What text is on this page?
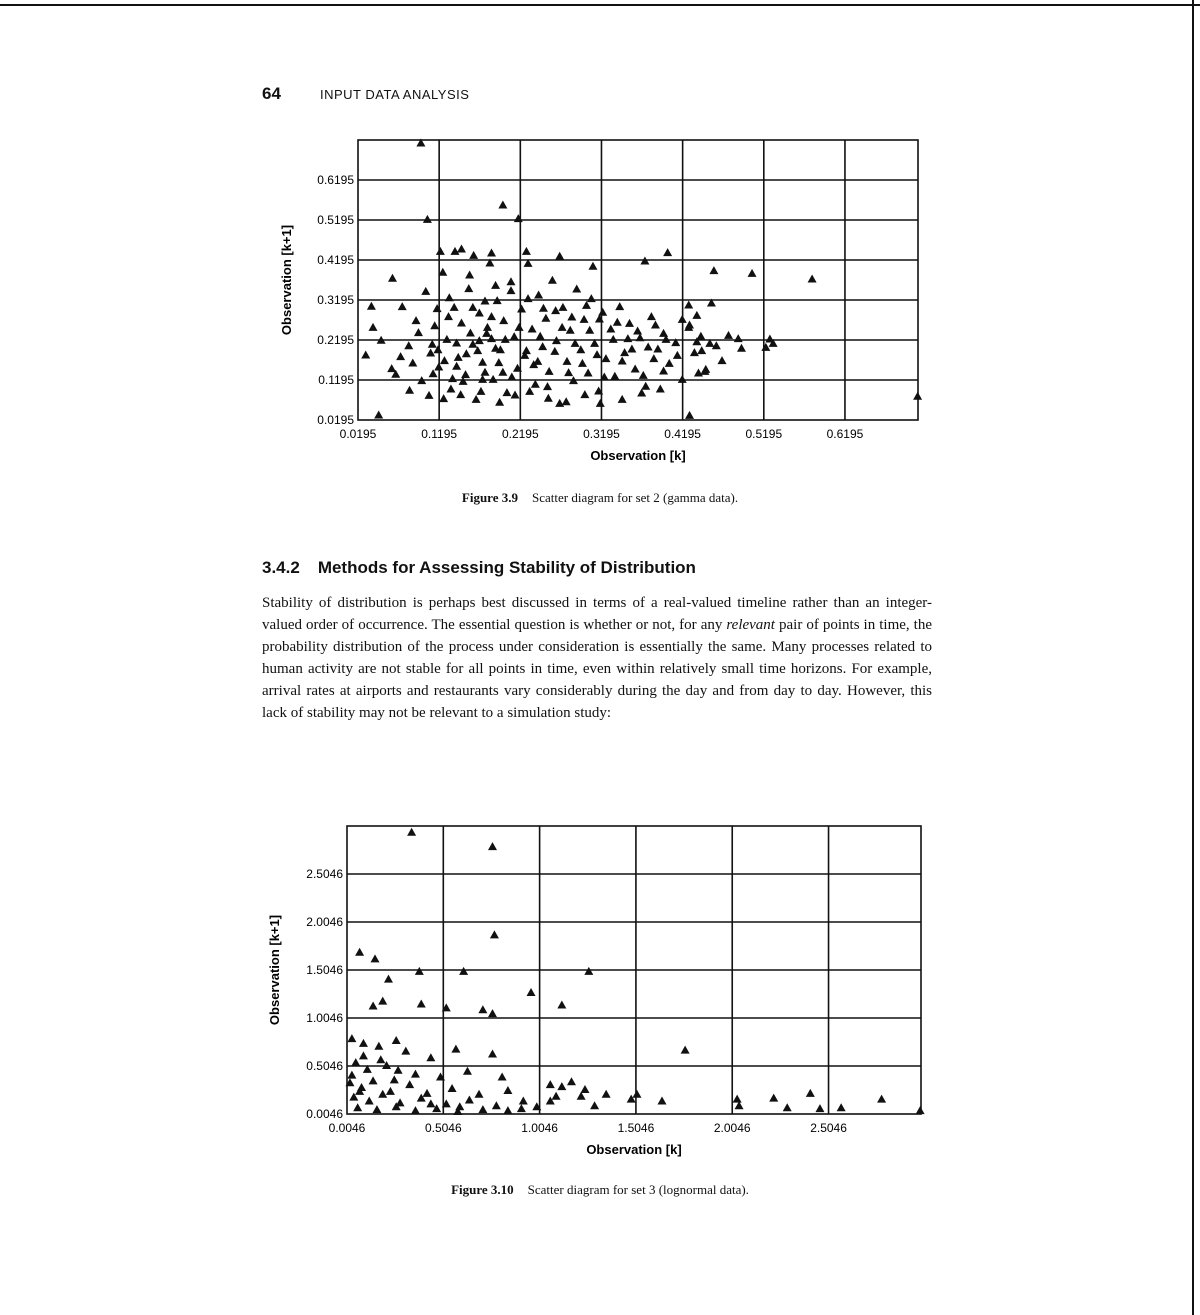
64	INPUT DATA ANALYSIS
0.0195	0.1195	0.2195	0.3195	0.4195	0.5195	0.6195
0.0195
0.1195
0.2195
0.3195
0.4195
0.5195
0.6195
Observation [k]
Observation [k+1]
Figure 3.9 Scatter diagram for set 2 (gamma data).
3.4.2 Methods for Assessing Stability of Distribution
Stability of distribution is perhaps best discussed in terms of a real-valued timeline rather than an integer-valued order of occurrence. The essential question is whether or not, for any relevant pair of points in time, the probability distribution of the process under consideration is essentially the same. Many processes related to human activity are not stable for all points in time, even within relatively small time horizons. For example, arrival rates at airports and restaurants vary considerably during the day and from day to day. However, this lack of stability may not be relevant to a simulation study:
0.0046	0.5046	1.0046	1.5046	2.0046	2.5046
0.0046
0.5046
1.0046
1.5046
2.0046
2.5046
Observation [k]
Observation [k+1]
Figure 3.10 Scatter diagram for set 3 (lognormal data).
